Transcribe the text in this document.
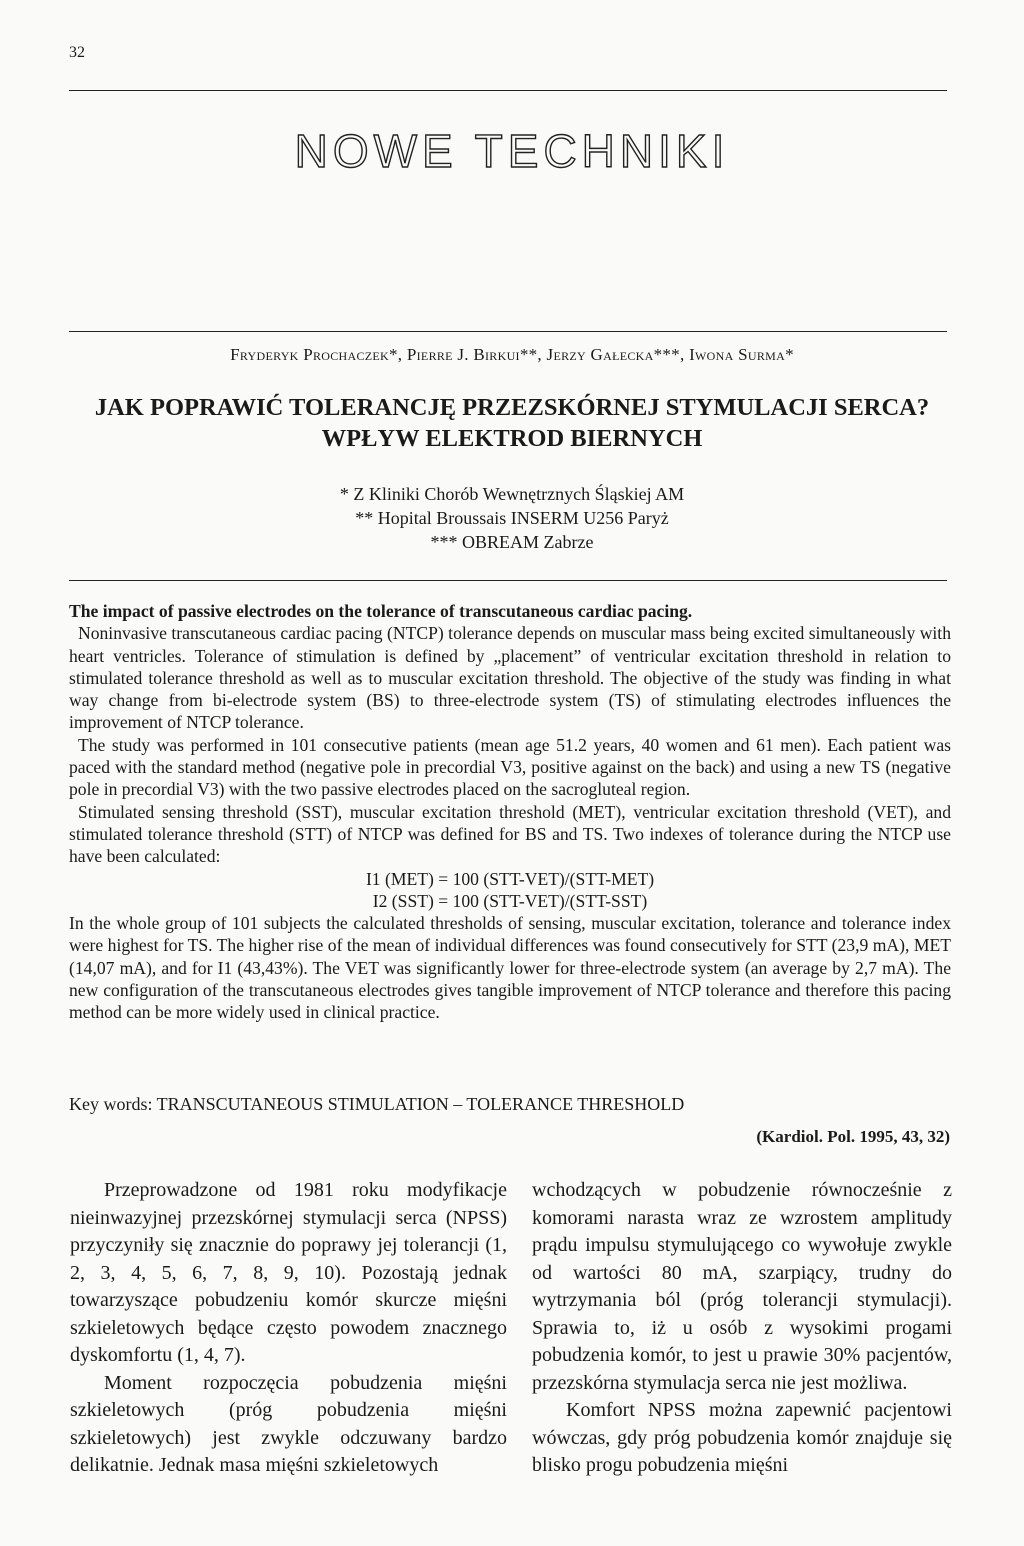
32
NOWE TECHNIKI
Fryderyk Prochaczek*, Pierre J. Birkui**, Jerzy Gałecka***, Iwona Surma*
JAK POPRAWIĆ TOLERANCJĘ PRZEZSKÓRNEJ STYMULACJI SERCA?
WPŁYW ELEKTROD BIERNYCH
* Z Kliniki Chorób Wewnętrznych Śląskiej AM
** Hopital Broussais INSERM U256 Paryż
*** OBREAM Zabrze

The impact of passive electrodes on the tolerance of transcutaneous cardiac pacing.

Noninvasive transcutaneous cardiac pacing (NTCP) tolerance depends on muscular mass being excited simultaneously with heart ventricles. Tolerance of stimulation is defined by „placement” of ventricular excitation threshold in relation to stimulated tolerance threshold as well as to muscular excitation threshold. The objective of the study was finding in what way change from bi-electrode system (BS) to three-electrode system (TS) of stimulating electrodes influences the improvement of NTCP tolerance.

The study was performed in 101 consecutive patients (mean age 51.2 years, 40 women and 61 men). Each patient was paced with the standard method (negative pole in precordial V3, positive against on the back) and using a new TS (negative pole in precordial V3) with the two passive electrodes placed on the sacrogluteal region.

Stimulated sensing threshold (SST), muscular excitation threshold (MET), ventricular excitation threshold (VET), and stimulated tolerance threshold (STT) of NTCP was defined for BS and TS. Two indexes of tolerance during the NTCP use have been calculated:

I1 (MET) = 100 (STT-VET)/(STT-MET)

I2 (SST) = 100 (STT-VET)/(STT-SST)

In the whole group of 101 subjects the calculated thresholds of sensing, muscular excitation, tolerance and tolerance index were highest for TS. The higher rise of the mean of individual differences was found consecutively for STT (23,9 mA), MET (14,07 mA), and for I1 (43,43%). The VET was significantly lower for three-electrode system (an average by 2,7 mA). The new configuration of the transcutaneous electrodes gives tangible improvement of NTCP tolerance and therefore this pacing method can be more widely used in clinical practice.

Key words: TRANSCUTANEOUS STIMULATION – TOLERANCE THRESHOLD
(Kardiol. Pol. 1995, 43, 32)

Przeprowadzone od 1981 roku modyfikacje nieinwazyjnej przezskórnej stymulacji serca (NPSS) przyczyniły się znacznie do poprawy jej tolerancji (1, 2, 3, 4, 5, 6, 7, 8, 9, 10). Pozostają jednak towarzyszące pobudzeniu komór skurcze mięśni szkieletowych będące często powodem znacznego dyskomfortu (1, 4, 7).

Moment rozpoczęcia pobudzenia mięśni szkieletowych (próg pobudzenia mięśni szkieletowych) jest zwykle odczuwany bardzo delikatnie. Jednak masa mięśni szkieletowych

wchodzących w pobudzenie równocześnie z komorami narasta wraz ze wzrostem amplitudy prądu impulsu stymulującego co wywołuje zwykle od wartości 80 mA, szarpiący, trudny do wytrzymania ból (próg tolerancji stymulacji). Sprawia to, iż u osób z wysokimi progami pobudzenia komór, to jest u prawie 30% pacjentów, przezskórna stymulacja serca nie jest możliwa.

Komfort NPSS można zapewnić pacjentowi wówczas, gdy próg pobudzenia komór znajduje się blisko progu pobudzenia mięśni
